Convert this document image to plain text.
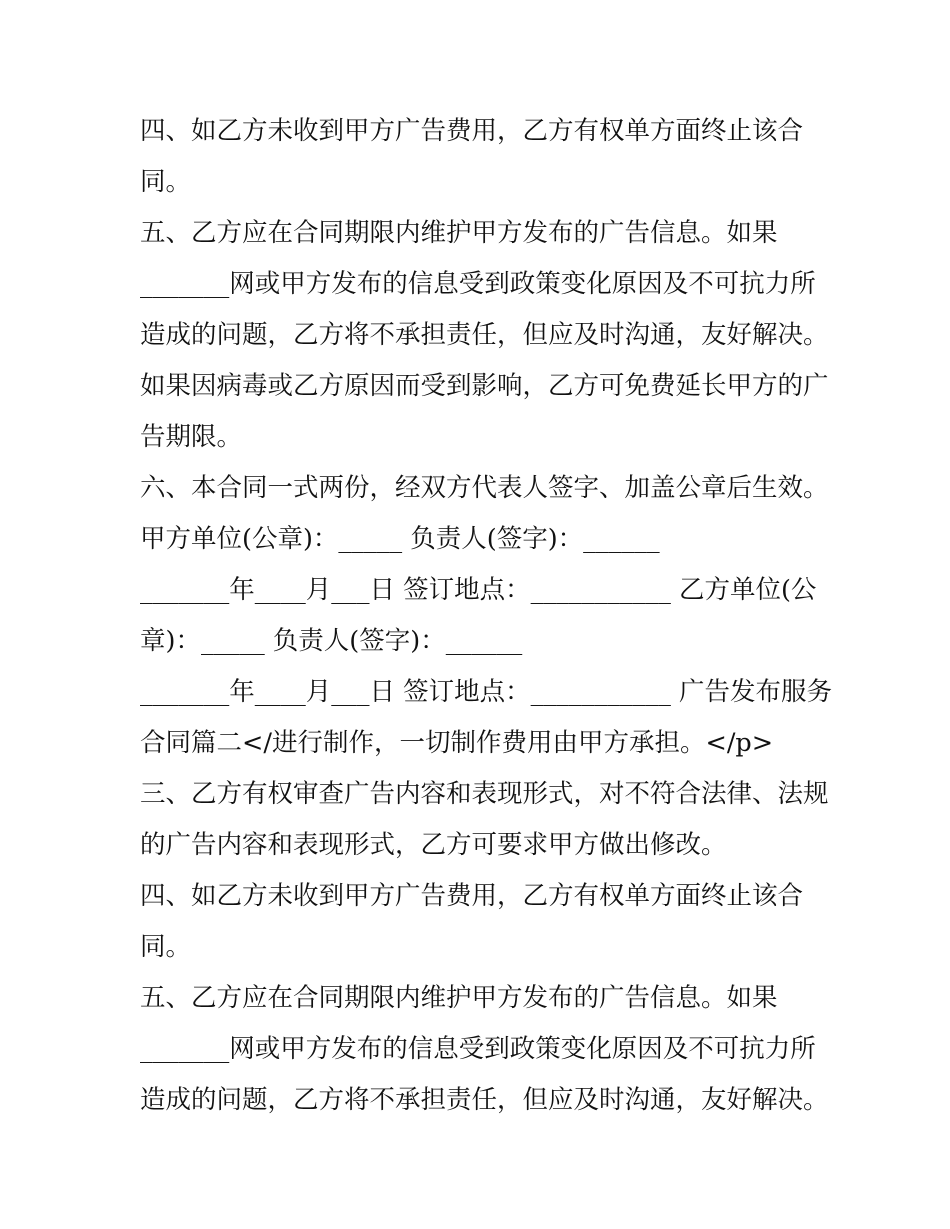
四、如乙方未收到甲方广告费用，乙方有权单方面终止该合
同。
五、乙方应在合同期限内维护甲方发布的广告信息。如果
_______网或甲方发布的信息受到政策变化原因及不可抗力所
造成的问题，乙方将不承担责任，但应及时沟通，友好解决。
如果因病毒或乙方原因而受到影响，乙方可免费延长甲方的广
告期限。
六、本合同一式两份，经双方代表人签字、加盖公章后生效。
甲方单位(公章)：_____ 负责人(签字)：______
_______年____月___日 签订地点：___________ 乙方单位(公
章)：_____ 负责人(签字)：______
_______年____月___日 签订地点：___________ 广告发布服务
合同篇二</进行制作，一切制作费用由甲方承担。</p>
三、乙方有权审查广告内容和表现形式，对不符合法律、法规
的广告内容和表现形式，乙方可要求甲方做出修改。
四、如乙方未收到甲方广告费用，乙方有权单方面终止该合
同。
五、乙方应在合同期限内维护甲方发布的广告信息。如果
_______网或甲方发布的信息受到政策变化原因及不可抗力所
造成的问题，乙方将不承担责任，但应及时沟通，友好解决。
